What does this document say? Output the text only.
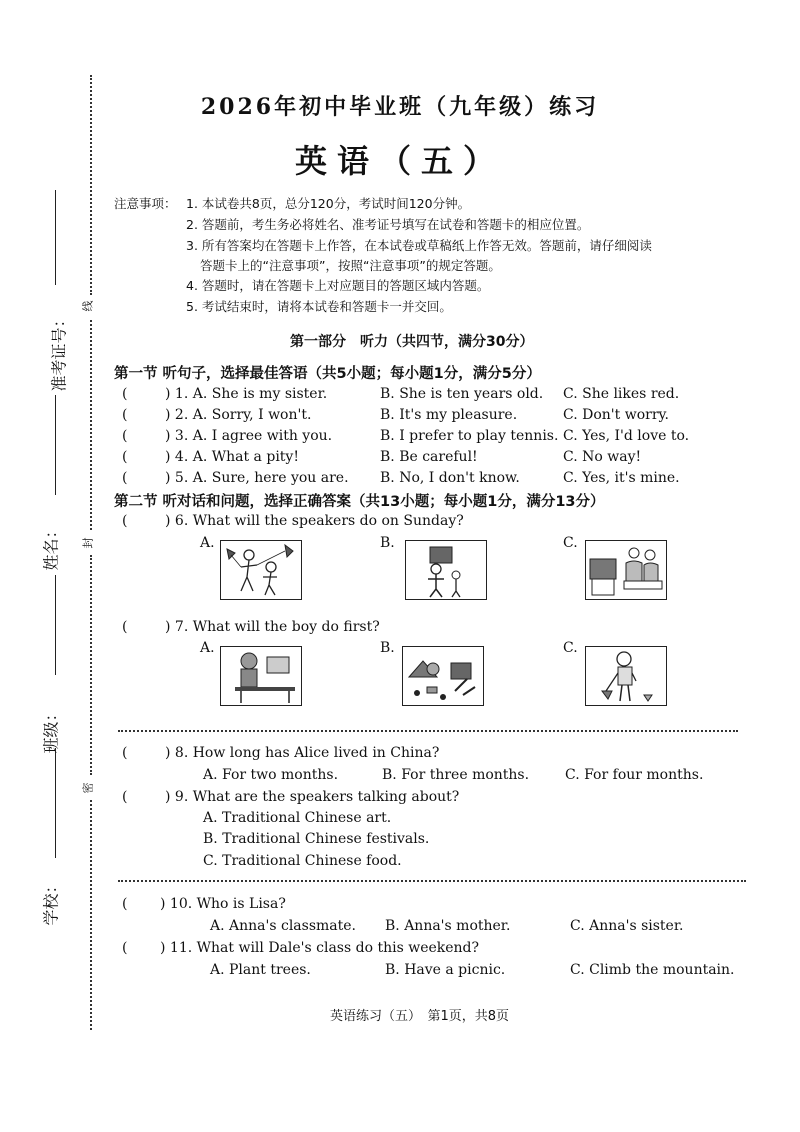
准考证号：
姓名：
班级：
学校：
线
封
密
2026年初中毕业班（九年级）练习
英语（五）
注意事项： 1. 本试卷共8页，总分120分，考试时间120分钟。
2. 答题前，考生务必将姓名、准考证号填写在试卷和答题卡的相应位置。
3. 所有答案均在答题卡上作答，在本试卷或草稿纸上作答无效。答题前，请仔细阅读
答题卡上的“注意事项”，按照“注意事项”的规定答题。
4. 答题时，请在答题卡上对应题目的答题区域内答题。
5. 考试结束时，请将本试卷和答题卡一并交回。
第一部分　听力（共四节，满分30分）
第一节 听句子，选择最佳答语（共5小题；每小题1分，满分5分）
(	) 1. A. She is my sister.	B. She is ten years old. C. She likes red.
(	) 2. A. Sorry, I won't.	B. It's my pleasure.	C. Don't worry.
(	) 3. A. I agree with you.	B. I prefer to play tennis. C. Yes, I'd love to.
(	) 4. A. What a pity!	B. Be careful!	C. No way!
(	) 5. A. Sure, here you are. B. No, I don't know.	C. Yes, it's mine.
第二节 听对话和问题，选择正确答案（共13小题；每小题1分，满分13分）
(	) 6. What will the speakers do on Sunday?
A.	B.	C.
(	) 7. What will the boy do first?
A.	B.	C.
(	) 8. How long has Alice lived in China?
A. For two months.	B. For three months.	C. For four months.
(	) 9. What are the speakers talking about?
A. Traditional Chinese art.
B. Traditional Chinese festivals.
C. Traditional Chinese food.
( ) 10. Who is Lisa?
A. Anna's classmate. B. Anna's mother.	C. Anna's sister.
( ) 11. What will Dale's class do this weekend?
A. Plant trees.	B. Have a picnic.	C. Climb the mountain.
英语练习（五）　第1页，共8页
